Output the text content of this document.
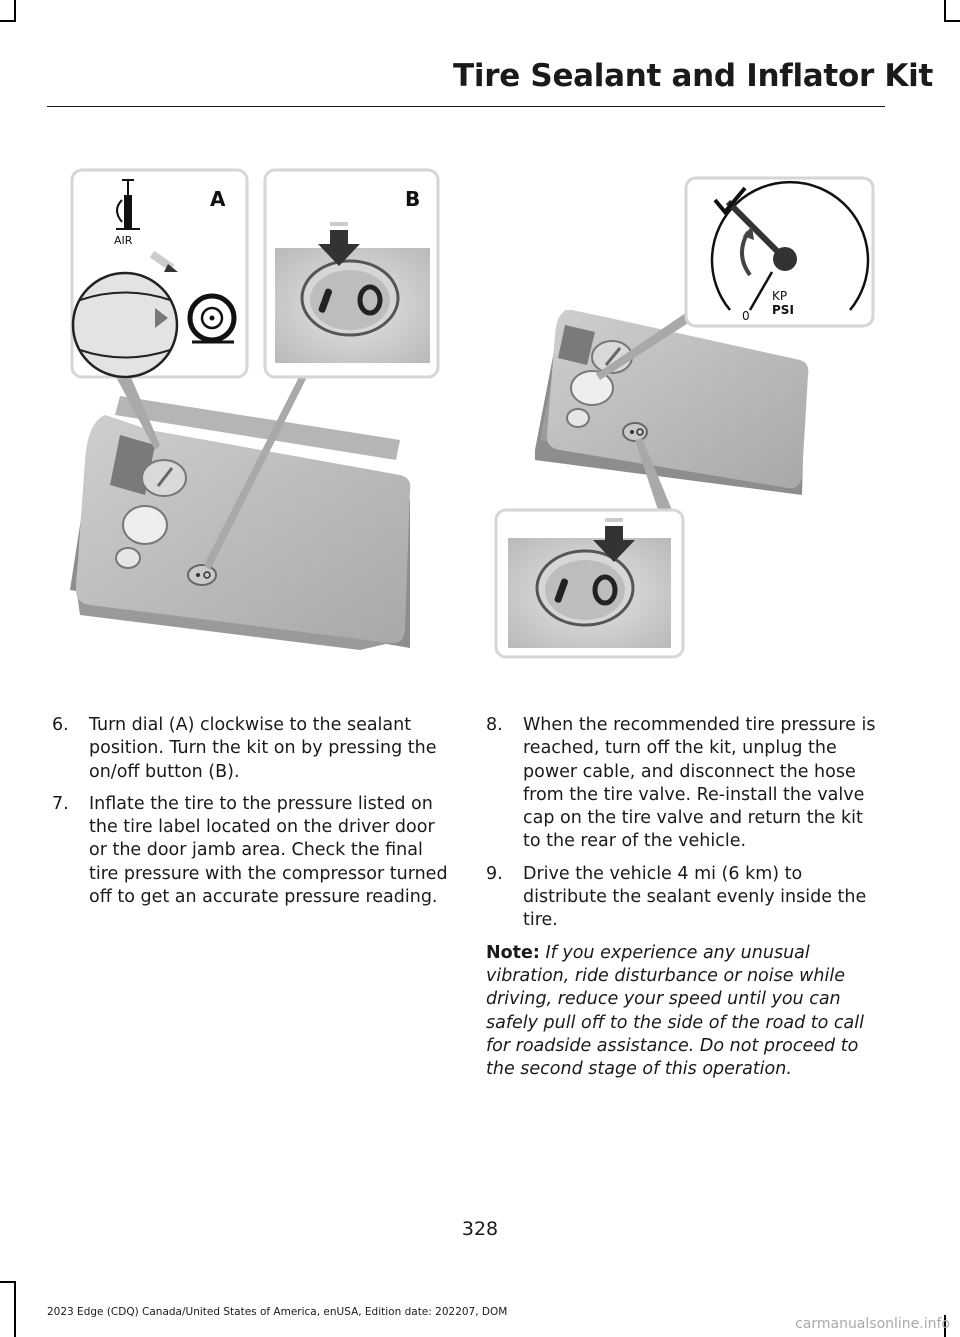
Tire Sealant and Inflator Kit
A
AIR
B
KP
PSI
0
6. Turn dial (A) clockwise to the sealant position. Turn the kit on by pressing the on/off button (B).
7. Inflate the tire to the pressure listed on the tire label located on the driver door or the door jamb area. Check the final tire pressure with the compressor turned off to get an accurate pressure reading.
8. When the recommended tire pressure is reached, turn off the kit, unplug the power cable, and disconnect the hose from the tire valve. Re-install the valve cap on the tire valve and return the kit to the rear of the vehicle.
9. Drive the vehicle 4 mi (6 km) to distribute the sealant evenly inside the tire.
Note: If you experience any unusual vibration, ride disturbance or noise while driving, reduce your speed until you can safely pull off to the side of the road to call for roadside assistance. Do not proceed to the second stage of this operation.
328
2023 Edge (CDQ) Canada/United States of America, enUSA, Edition date: 202207, DOM
carmanualsonline.info
